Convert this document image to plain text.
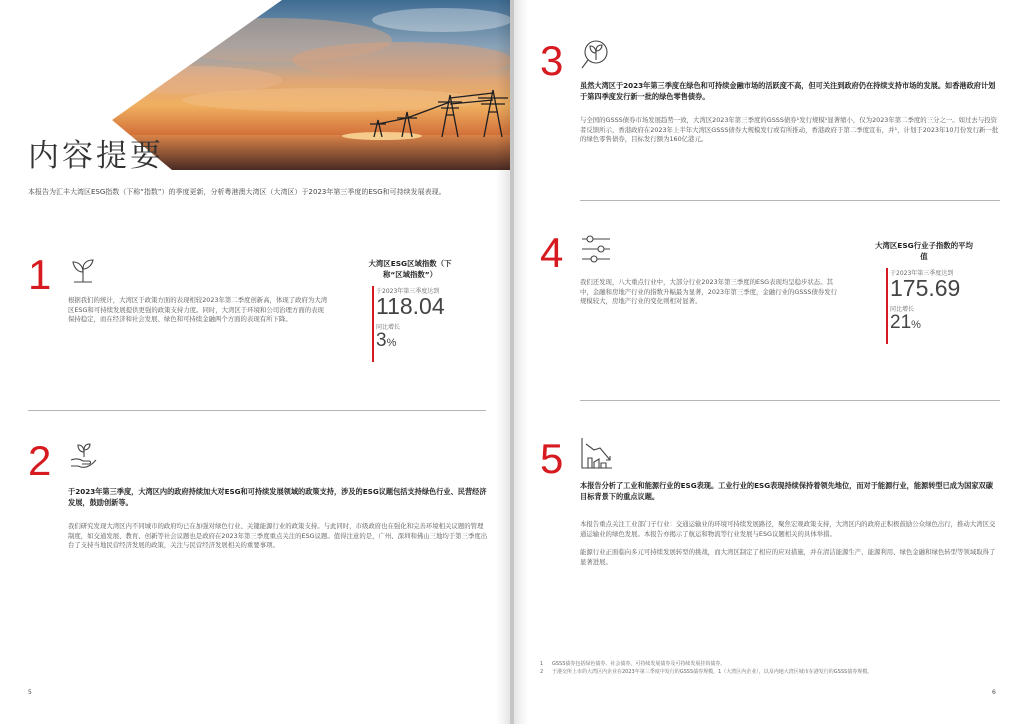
内容提要
本报告为汇丰大湾区ESG指数（下称“指数”）的季度更新，分析粤港澳大湾区（大湾区）于2023年第三季度的ESG和可持续发展表现。
1
根据我们的统计，大湾区于政策方面的表现相较2023年第二季度创新高，体现了政府为大湾区ESG和可持续发展提供更强的政策支持力度。同时，大湾区于环境和公司治理方面的表现保持稳定，而在经济和社会发展、绿色和可持续金融两个方面的表现有所下降。
大湾区ESG区域指数（下称“区域指数”）
于2023年第三季度达到
118.04
同比增长
3%
2
于2023年第三季度，大湾区内的政府持续加大对ESG和可持续发展领域的政策支持，涉及的ESG议题包括支持绿色行业、民营经济发展，鼓励创新等。
我们研究发现大湾区内不同城市的政府均已在加强对绿色行业、关键能源行业的政策支持。与此同时，市级政府也在强化和完善环境相关议题的管理制度，如交通发展、教育、创新等社会议题也是政府在2023年第三季度重点关注的ESG议题。值得注意的是，广州、深圳和佛山三地均于第三季度出台了支持当地民营经济发展的政策，关注与民营经济发展相关的重要事项。
5
3
虽然大湾区于2023年第三季度在绿色和可持续金融市场的活跃度不高，但可关注到政府仍在持续支持市场的发展。如香港政府计划于第四季度发行新一批的绿色零售债券。
与全国的GSSS债券市场发展趋势一致，大湾区2023年第三季度的GSSS债券¹发行规模¹显著缩小，仅为2023年第二季度的三分之一。如过去与投资者反馈所示，香港政府在2023年上半年大湾区GSSS债券大规模发行或有所推动，香港政府于第二季度宣布，并¹，计划于2023年10月份发行新一批的绿色零售债券，目标发行额为160亿港元。
4
我们还发现，八大重点行业中，大部分行业2023年第三季度的ESG表现均呈稳步状态。其中，金融和房地产行业的指数升幅最为显著，2023年第三季度，金融行业的GSSS债券发行规模较大，房地产行业的变化则相对显著。
大湾区ESG行业子指数的平均值
于2023年第三季度达到
175.69
同比增长
21%
5
本报告分析了工业和能源行业的ESG表现。工业行业的ESG表现持续保持着领先地位，而对于能源行业，能源转型已成为国家双碳目标背景下的重点议题。
本报告重点关注工业部门子行业：交通运输业的环境可持续发展路径，聚焦宏观政策支持，大湾区内的政府正积极鼓励公众绿色出行，推动大湾区交通运输业的绿色发展。本报告亦揭示了航运和物流等行业发展与ESG议题相关的具体举措。
能源行业正面临向多元可持续发展转型的挑战，而大湾区制定了相应的应对措施，并在清洁能源生产、能源利用、绿色金融和绿色转型等领域取得了显著进展。
6
1 GSSS债券包括绿色债券、社会债券、可持续发展债券及可持续发展挂钩债券。
2 于港交所上市的大湾区内企业在2023年第三季度中发行的GSSS债券规模，1（大湾区内企业），以及内地大湾区城市在港发行的GSSS债券规模。
